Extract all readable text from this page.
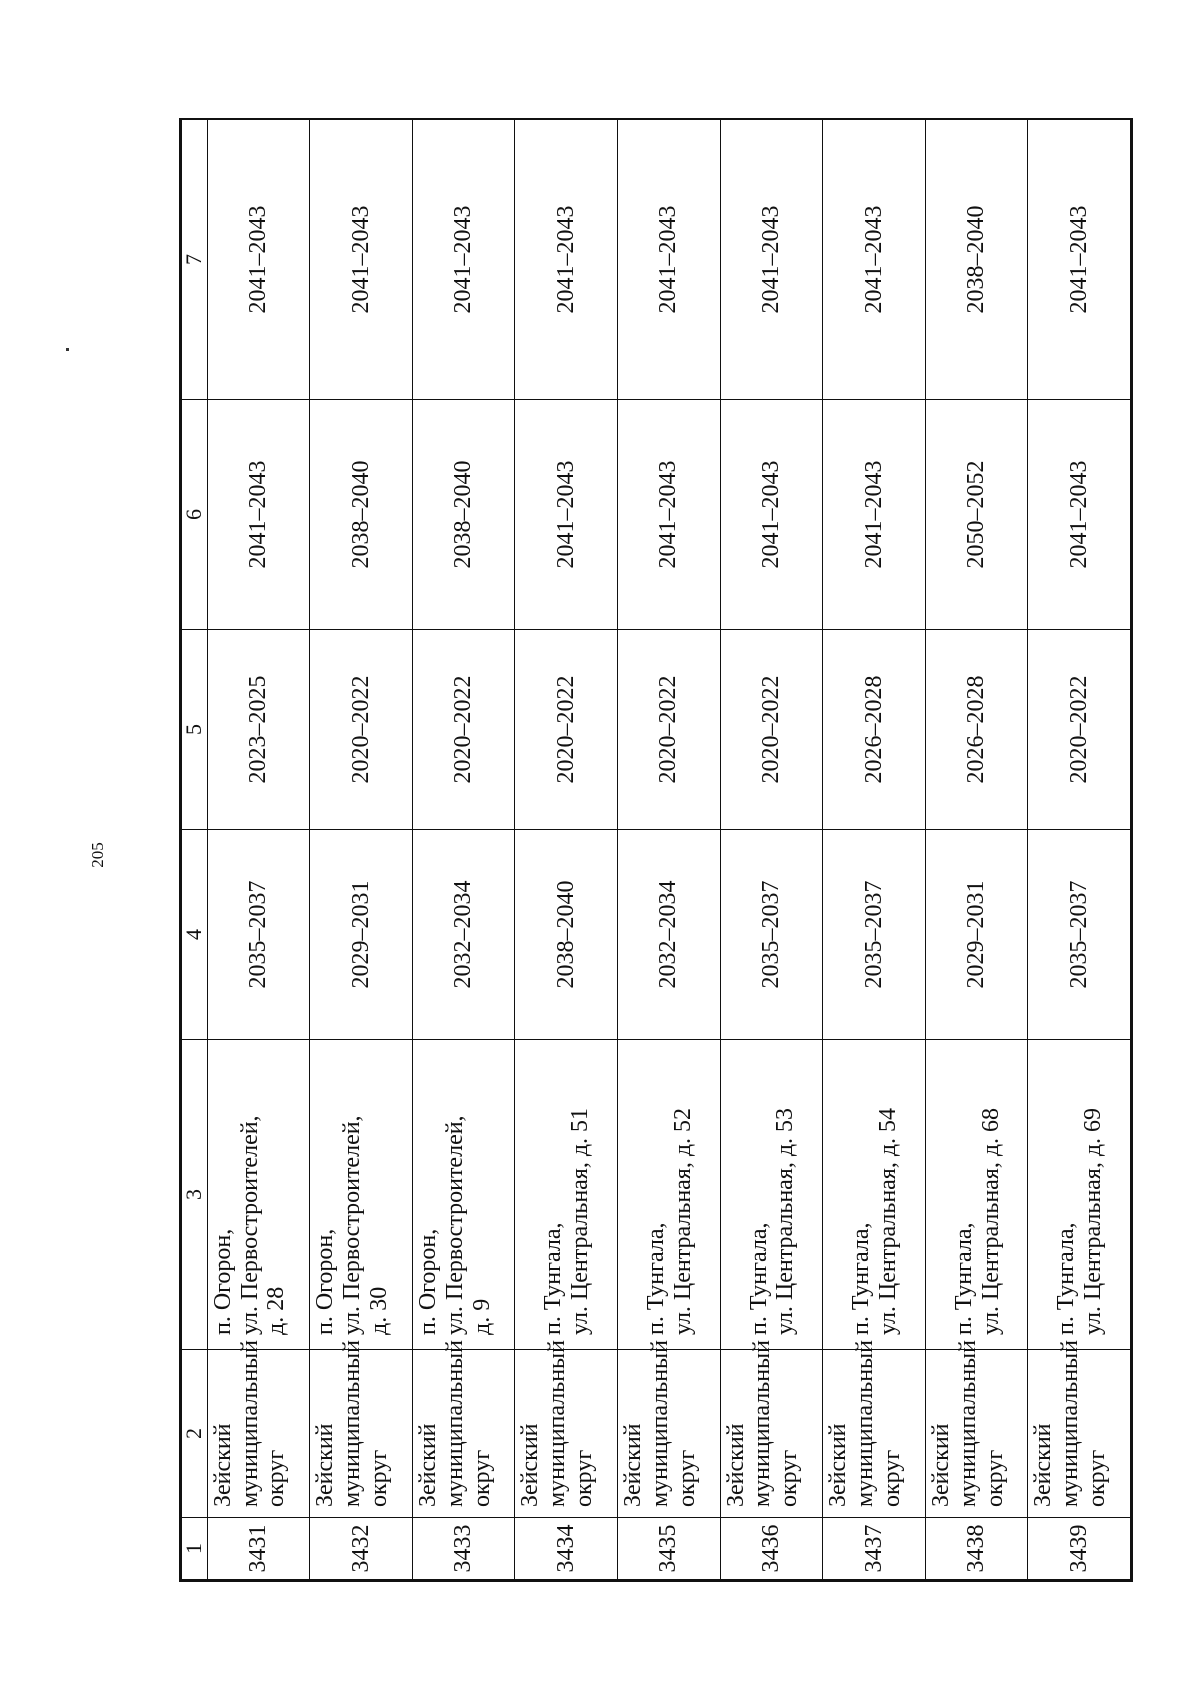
205
1	2	3	4	5	6	7
3431	Зейский муниципальный округ	п. Огорон, ул. Первостроителей, д. 28	2035–2037	2023–2025	2041–2043	2041–2043
3432	Зейский муниципальный округ	п. Огорон, ул. Первостроителей, д. 30	2029–2031	2020–2022	2038–2040	2041–2043
3433	Зейский муниципальный округ	п. Огорон, ул. Первостроителей, д. 9	2032–2034	2020–2022	2038–2040	2041–2043
3434	Зейский муниципальный округ	п. Тунгала, ул. Центральная, д. 51	2038–2040	2020–2022	2041–2043	2041–2043
3435	Зейский муниципальный округ	п. Тунгала, ул. Центральная, д. 52	2032–2034	2020–2022	2041–2043	2041–2043
3436	Зейский муниципальный округ	п. Тунгала, ул. Центральная, д. 53	2035–2037	2020–2022	2041–2043	2041–2043
3437	Зейский муниципальный округ	п. Тунгала, ул. Центральная, д. 54	2035–2037	2026–2028	2041–2043	2041–2043
3438	Зейский муниципальный округ	п. Тунгала, ул. Центральная, д. 68	2029–2031	2026–2028	2050–2052	2038–2040
3439	Зейский муниципальный округ	п. Тунгала, ул. Центральная, д. 69	2035–2037	2020–2022	2041–2043	2041–2043
